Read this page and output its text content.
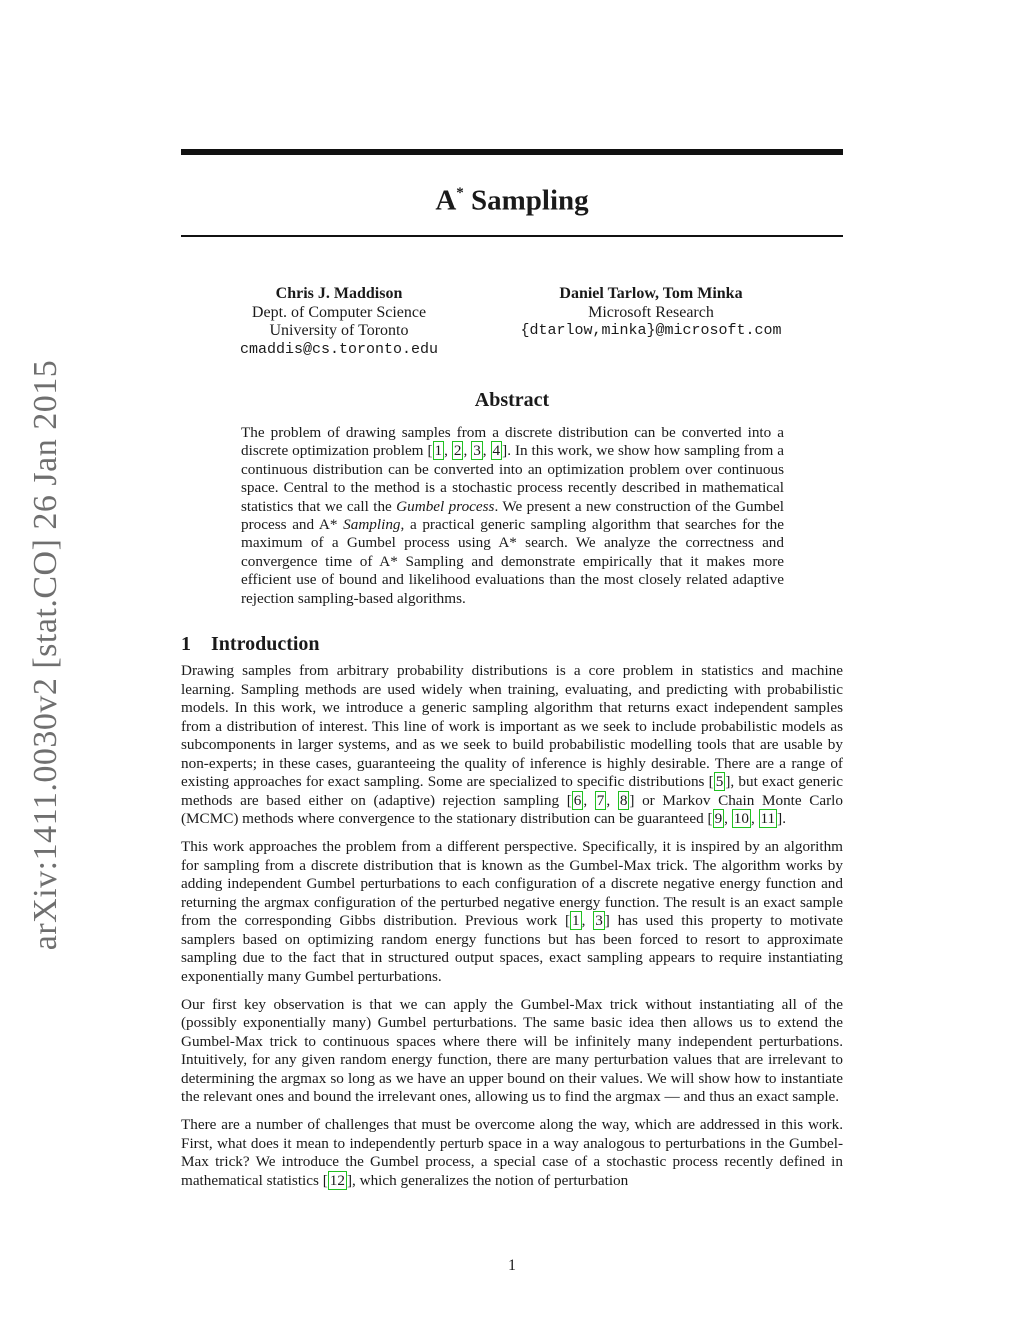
arXiv:1411.0030v2 [stat.CO] 26 Jan 2015
A* Sampling
Chris J. Maddison
Dept. of Computer Science
University of Toronto
cmaddis@cs.toronto.edu
Daniel Tarlow, Tom Minka
Microsoft Research
{dtarlow,minka}@microsoft.com
Abstract
The problem of drawing samples from a discrete distribution can be converted into a discrete optimization problem [ 1 , 2 , 3 , 4 ]. In this work, we show how sampling from a continuous distribution can be converted into an optimization problem over continuous space. Central to the method is a stochastic process recently described in mathematical statistics that we call the Gumbel process. We present a new construction of the Gumbel process and A* Sampling, a practical generic sampling algorithm that searches for the maximum of a Gumbel process using A* search. We analyze the correctness and convergence time of A* Sampling and demonstrate empirically that it makes more efficient use of bound and likelihood evaluations than the most closely related adaptive rejection sampling-based algorithms.
1 Introduction

Drawing samples from arbitrary probability distributions is a core problem in statistics and machine learning. Sampling methods are used widely when training, evaluating, and predicting with probabilistic models. In this work, we introduce a generic sampling algorithm that returns exact independent samples from a distribution of interest. This line of work is important as we seek to include probabilistic models as subcomponents in larger systems, and as we seek to build probabilistic modelling tools that are usable by non-experts; in these cases, guaranteeing the quality of inference is highly desirable. There are a range of existing approaches for exact sampling. Some are specialized to specific distributions [ 5 ], but exact generic methods are based either on (adaptive) rejection sampling [ 6 , 7 , 8 ] or Markov Chain Monte Carlo (MCMC) methods where convergence to the stationary distribution can be guaranteed [ 9 , 10 , 11 ].

This work approaches the problem from a different perspective. Specifically, it is inspired by an algorithm for sampling from a discrete distribution that is known as the Gumbel-Max trick. The algorithm works by adding independent Gumbel perturbations to each configuration of a discrete negative energy function and returning the argmax configuration of the perturbed negative energy function. The result is an exact sample from the corresponding Gibbs distribution. Previous work [ 1 , 3 ] has used this property to motivate samplers based on optimizing random energy functions but has been forced to resort to approximate sampling due to the fact that in structured output spaces, exact sampling appears to require instantiating exponentially many Gumbel perturbations.

Our first key observation is that we can apply the Gumbel-Max trick without instantiating all of the (possibly exponentially many) Gumbel perturbations. The same basic idea then allows us to extend the Gumbel-Max trick to continuous spaces where there will be infinitely many independent perturbations. Intuitively, for any given random energy function, there are many perturbation values that are irrelevant to determining the argmax so long as we have an upper bound on their values. We will show how to instantiate the relevant ones and bound the irrelevant ones, allowing us to find the argmax — and thus an exact sample.

There are a number of challenges that must be overcome along the way, which are addressed in this work. First, what does it mean to independently perturb space in a way analogous to perturbations in the Gumbel-Max trick? We introduce the Gumbel process, a special case of a stochastic process recently defined in mathematical statistics [ 12 ], which generalizes the notion of perturbation

1
